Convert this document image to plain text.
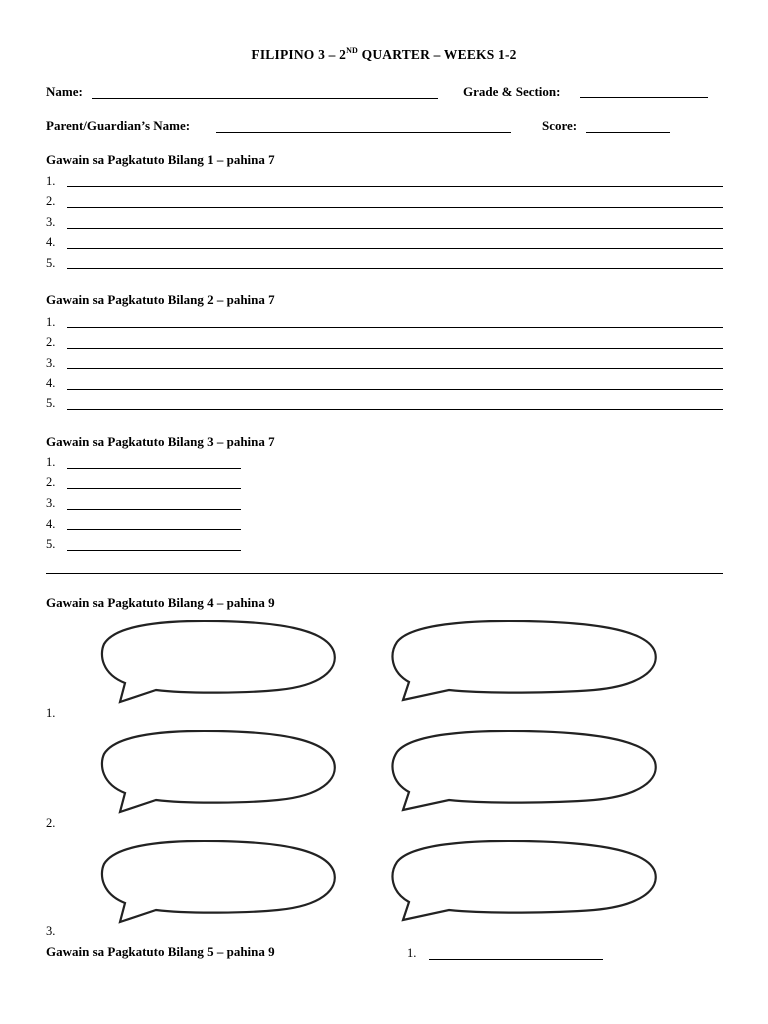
FILIPINO 3 – 2ND QUARTER – WEEKS 1-2
Name:	Grade & Section:
Parent/Guardian’s Name:	Score:
Gawain sa Pagkatuto Bilang 1 – pahina 7
1.
2.
3.
4.
5.
Gawain sa Pagkatuto Bilang 2 – pahina 7
1.
2.
3.
4.
5.
Gawain sa Pagkatuto Bilang 3 – pahina 7
1.
2.
3.
4.
5.
Gawain sa Pagkatuto Bilang 4 – pahina 9
1.
2.
3.
Gawain sa Pagkatuto Bilang 5 – pahina 9	1.
